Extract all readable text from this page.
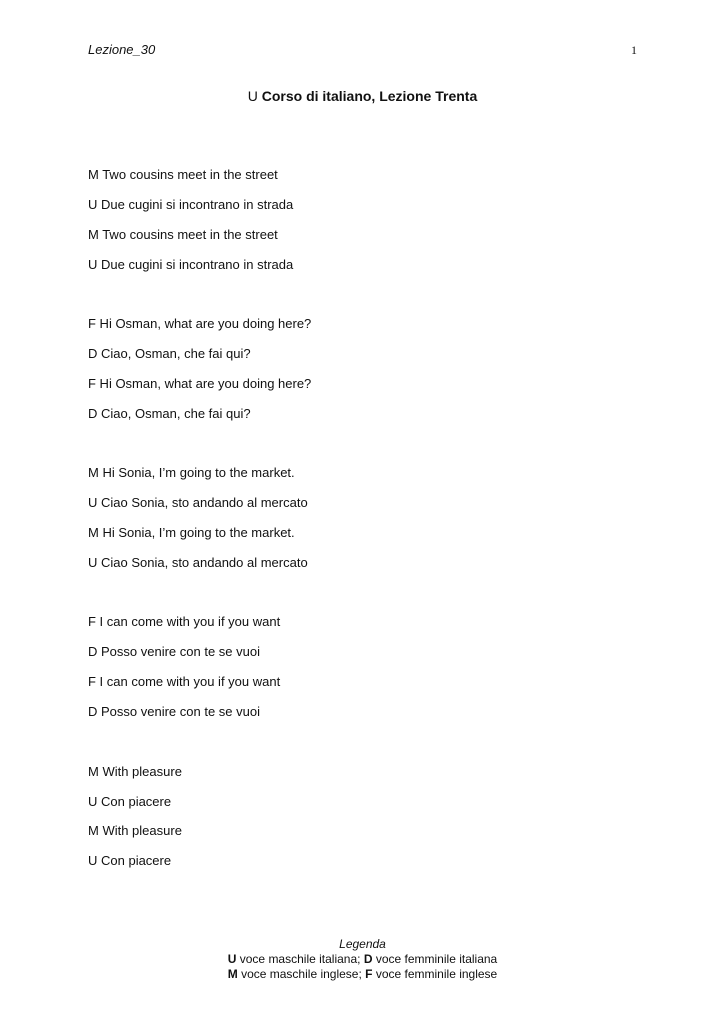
Lezione_30	1
U Corso di italiano, Lezione Trenta
M Two cousins meet in the street
U Due cugini si incontrano in strada
M Two cousins meet in the street
U Due cugini si incontrano in strada
F Hi Osman, what are you doing here?
D Ciao, Osman, che fai qui?
F Hi Osman, what are you doing here?
D Ciao, Osman, che fai qui?
M Hi Sonia, I’m going to the market.
U Ciao Sonia, sto andando al mercato
M Hi Sonia, I’m going to the market.
U Ciao Sonia, sto andando al mercato
F I can come with you if you want
D Posso venire con te se vuoi
F I can come with you if you want
D Posso venire con te se vuoi
M With pleasure
U Con piacere
M With pleasure
U Con piacere
Legenda
U voce maschile italiana; D voce femminile italiana
M voce maschile inglese; F voce femminile inglese
